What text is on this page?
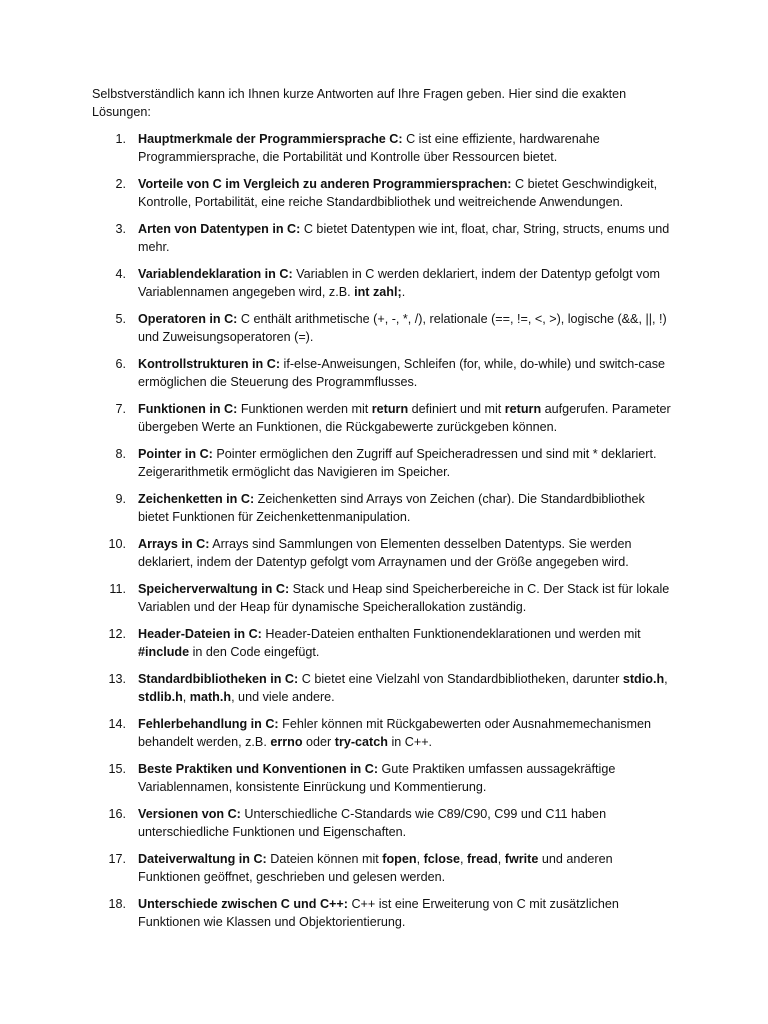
Selbstverständlich kann ich Ihnen kurze Antworten auf Ihre Fragen geben. Hier sind die exakten Lösungen:

1. Hauptmerkmale der Programmiersprache C: C ist eine effiziente, hardwarenahe Programmiersprache, die Portabilität und Kontrolle über Ressourcen bietet.
2. Vorteile von C im Vergleich zu anderen Programmiersprachen: C bietet Geschwindigkeit, Kontrolle, Portabilität, eine reiche Standardbibliothek und weitreichende Anwendungen.
3. Arten von Datentypen in C: C bietet Datentypen wie int, float, char, String, structs, enums und mehr.
4. Variablendeklaration in C: Variablen in C werden deklariert, indem der Datentyp gefolgt vom Variablennamen angegeben wird, z.B. int zahl;.
5. Operatoren in C: C enthält arithmetische (+, -, *, /), relationale (==, !=, <, >), logische (&&, ||, !) und Zuweisungsoperatoren (=).
6. Kontrollstrukturen in C: if-else-Anweisungen, Schleifen (for, while, do-while) und switch-case ermöglichen die Steuerung des Programmflusses.
7. Funktionen in C: Funktionen werden mit return definiert und mit return aufgerufen. Parameter übergeben Werte an Funktionen, die Rückgabewerte zurückgeben können.
8. Pointer in C: Pointer ermöglichen den Zugriff auf Speicheradressen und sind mit * deklariert. Zeigerarithmetik ermöglicht das Navigieren im Speicher.
9. Zeichenketten in C: Zeichenketten sind Arrays von Zeichen (char). Die Standardbibliothek bietet Funktionen für Zeichenkettenmanipulation.
10. Arrays in C: Arrays sind Sammlungen von Elementen desselben Datentyps. Sie werden deklariert, indem der Datentyp gefolgt vom Arraynamen und der Größe angegeben wird.
11. Speicherverwaltung in C: Stack und Heap sind Speicherbereiche in C. Der Stack ist für lokale Variablen und der Heap für dynamische Speicherallokation zuständig.
12. Header-Dateien in C: Header-Dateien enthalten Funktionendeklarationen und werden mit #include in den Code eingefügt.
13. Standardbibliotheken in C: C bietet eine Vielzahl von Standardbibliotheken, darunter stdio.h, stdlib.h, math.h, und viele andere.
14. Fehlerbehandlung in C: Fehler können mit Rückgabewerten oder Ausnahmemechanismen behandelt werden, z.B. errno oder try-catch in C++.
15. Beste Praktiken und Konventionen in C: Gute Praktiken umfassen aussagekräftige Variablennamen, konsistente Einrückung und Kommentierung.
16. Versionen von C: Unterschiedliche C-Standards wie C89/C90, C99 und C11 haben unterschiedliche Funktionen und Eigenschaften.
17. Dateiverwaltung in C: Dateien können mit fopen, fclose, fread, fwrite und anderen Funktionen geöffnet, geschrieben und gelesen werden.
18. Unterschiede zwischen C und C++: C++ ist eine Erweiterung von C mit zusätzlichen Funktionen wie Klassen und Objektorientierung.
